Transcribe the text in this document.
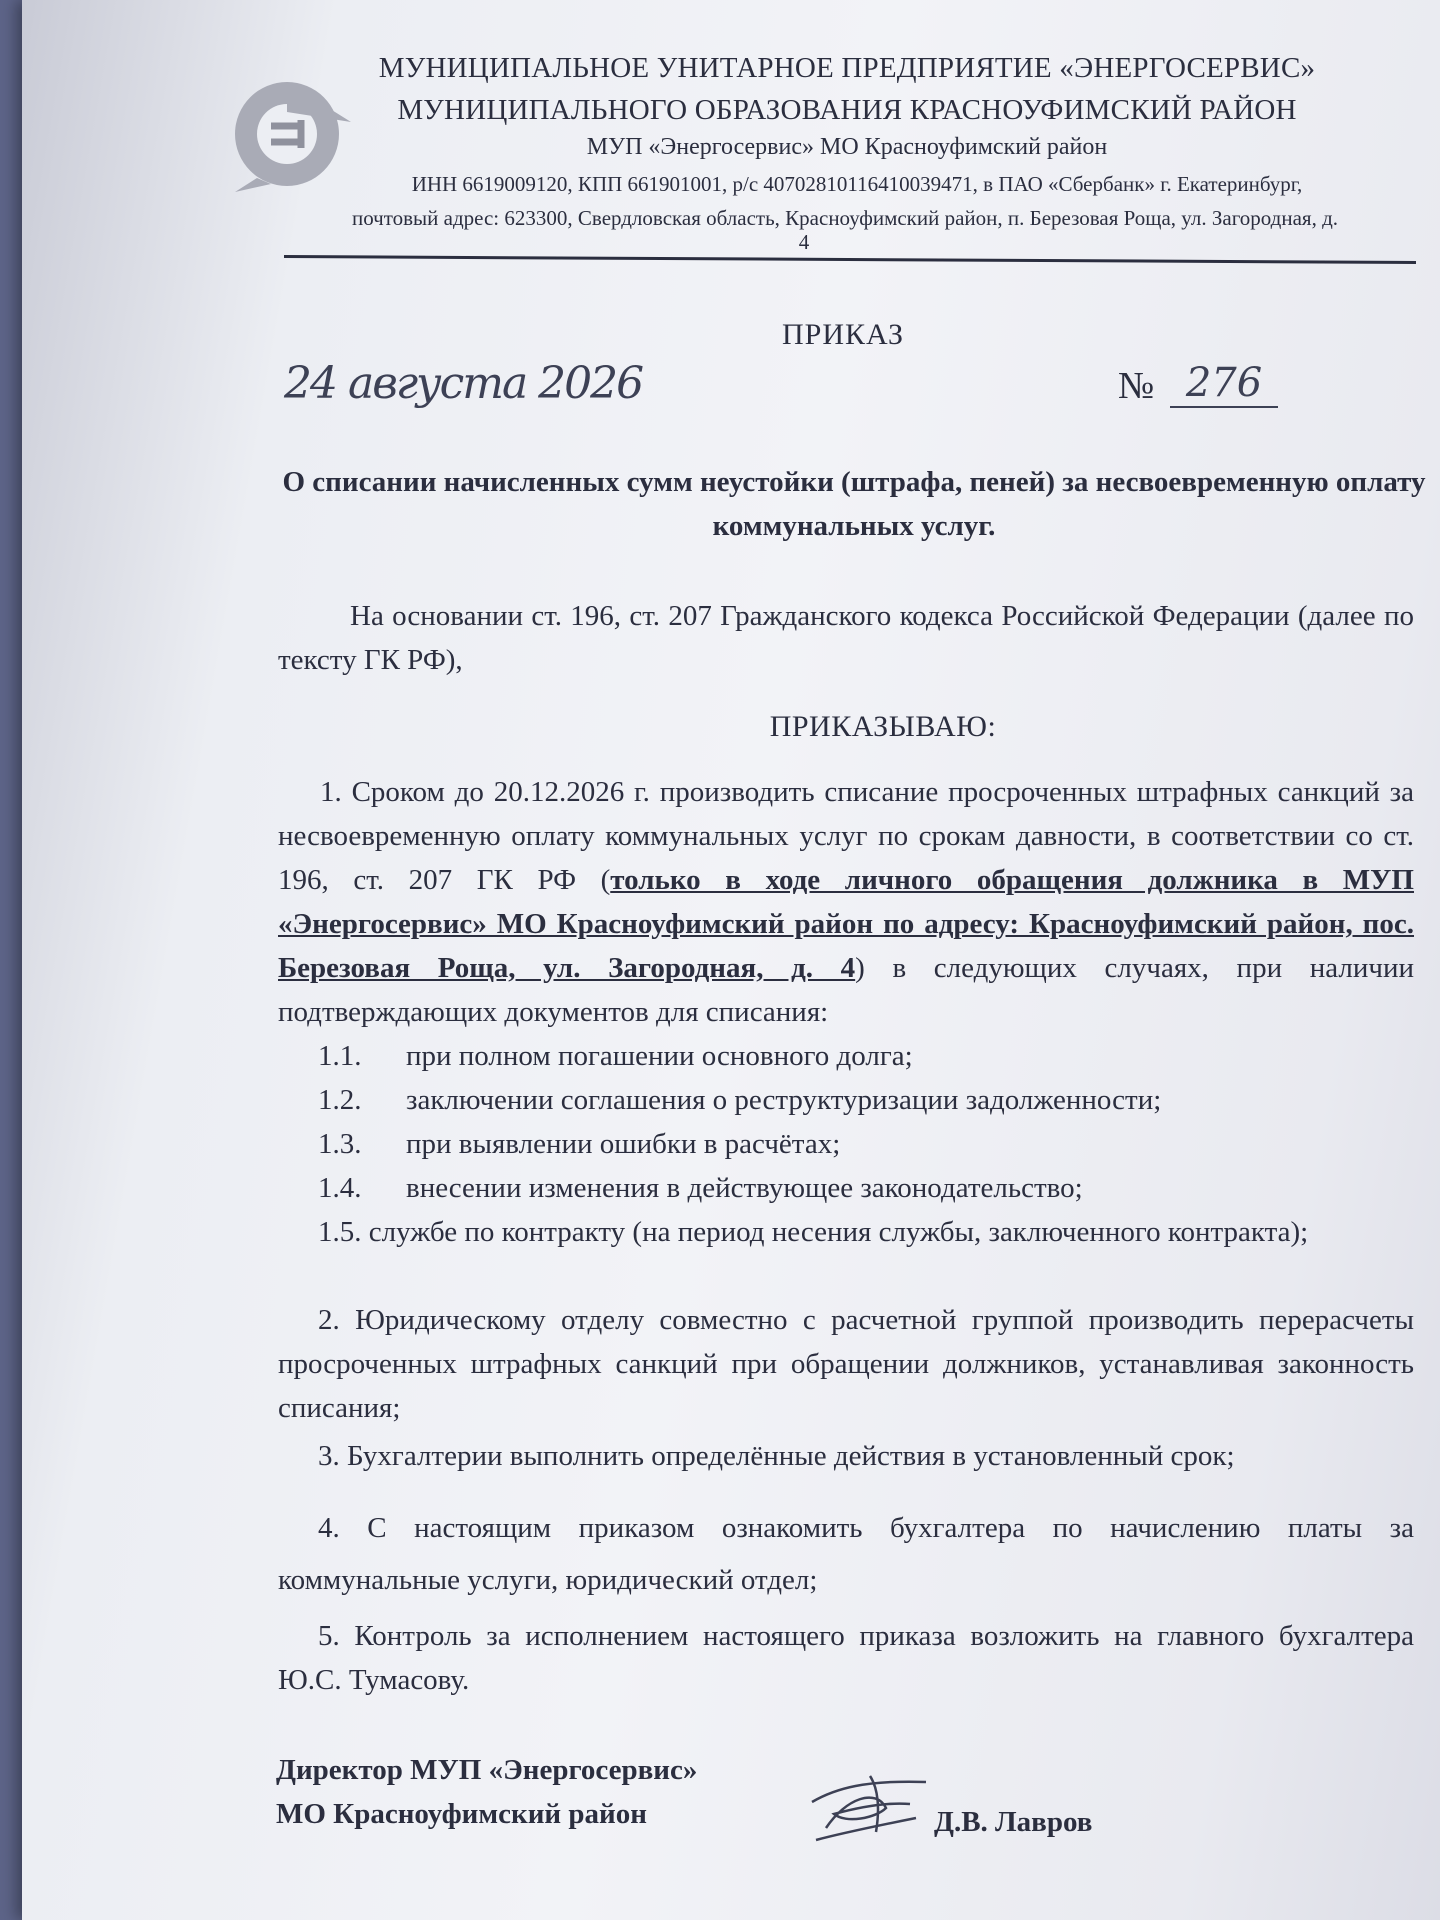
МУНИЦИПАЛЬНОЕ УНИТАРНОЕ ПРЕДПРИЯТИЕ «ЭНЕРГОСЕРВИС»
МУНИЦИПАЛЬНОГО ОБРАЗОВАНИЯ КРАСНОУФИМСКИЙ РАЙОН
МУП «Энергосервис» МО Красноуфимский район
ИНН 6619009120, КПП 661901001, р/с 40702810116410039471, в ПАО «Сбербанк» г. Екатеринбург,
почтовый адрес: 623300, Свердловская область, Красноуфимский район, п. Березовая Роща, ул. Загородная, д.
4
ПРИКАЗ
24 августа 2026	№ 276
О списании начисленных сумм неустойки (штрафа, пеней) за несвоевременную оплату коммунальных услуг.
На основании ст. 196, ст. 207 Гражданского кодекса Российской Федерации (далее по тексту ГК РФ),
ПРИКАЗЫВАЮ:
1. Сроком до 20.12.2026 г. производить списание просроченных штрафных санкций за несвоевременную оплату коммунальных услуг по срокам давности, в соответствии со ст. 196, ст. 207 ГК РФ (только в ходе личного обращения должника в МУП «Энергосервис» МО Красноуфимский район по адресу: Красноуфимский район, пос. Березовая Роща, ул. Загородная, д. 4) в следующих случаях, при наличии подтверждающих документов для списания:
1.1. при полном погашении основного долга;
1.2. заключении соглашения о реструктуризации задолженности;
1.3. при выявлении ошибки в расчётах;
1.4. внесении изменения в действующее законодательство;
1.5. службе по контракту (на период несения службы, заключенного контракта);
2. Юридическому отделу совместно с расчетной группой производить перерасчеты просроченных штрафных санкций при обращении должников, устанавливая законность списания;
3. Бухгалтерии выполнить определённые действия в установленный срок;
4. С настоящим приказом ознакомить бухгалтера по начислению платы за коммунальные услуги, юридический отдел;
5. Контроль за исполнением настоящего приказа возложить на главного бухгалтера Ю.С. Тумасову.
Директор МУП «Энергосервис»
МО Красноуфимский район	Д.В. Лавров
